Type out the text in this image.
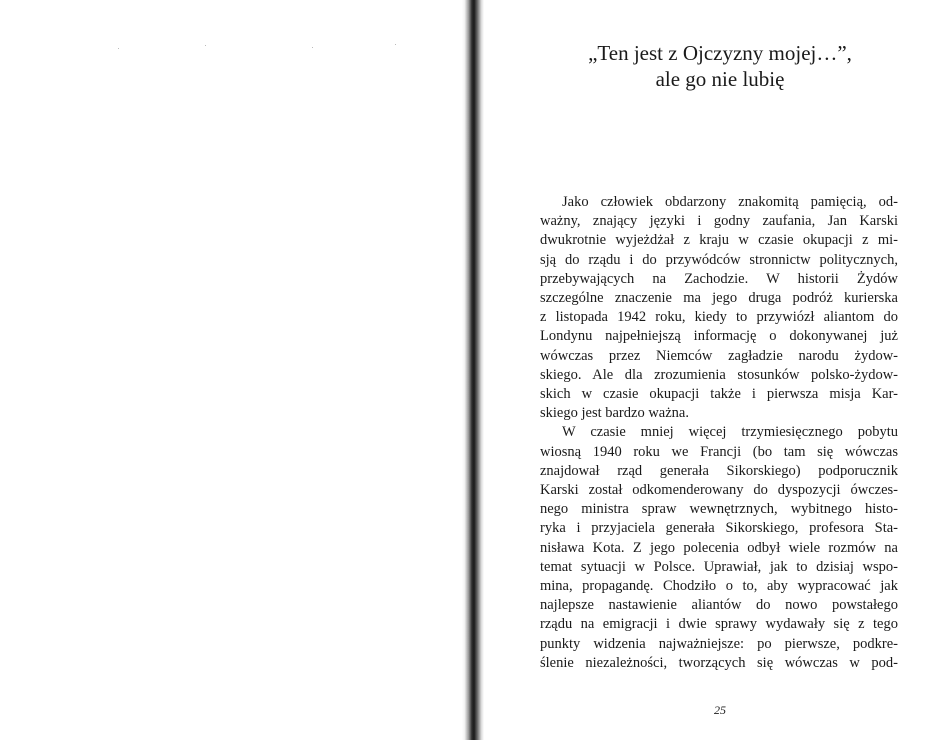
„Ten jest z Ojczyzny mojej…”,
ale go nie lubię

Jako człowiek obdarzony znakomitą pamięcią, od-
ważny, znający języki i godny zaufania, Jan Karski
dwukrotnie wyjeżdżał z kraju w czasie okupacji z mi-
sją do rządu i do przywódców stronnictw politycznych,
przebywających na Zachodzie. W historii Żydów
szczególne znaczenie ma jego druga podróż kurierska
z listopada 1942 roku, kiedy to przywiózł aliantom do
Londynu najpełniejszą informację o dokonywanej już
wówczas przez Niemców zagładzie narodu żydow-
skiego. Ale dla zrozumienia stosunków polsko-żydow-
skich w czasie okupacji także i pierwsza misja Kar-
skiego jest bardzo ważna.

W czasie mniej więcej trzymiesięcznego pobytu
wiosną 1940 roku we Francji (bo tam się wówczas
znajdował rząd generała Sikorskiego) podporucznik
Karski został odkomenderowany do dyspozycji ówczes-
nego ministra spraw wewnętrznych, wybitnego histo-
ryka i przyjaciela generała Sikorskiego, profesora Sta-
nisława Kota. Z jego polecenia odbył wiele rozmów na
temat sytuacji w Polsce. Uprawiał, jak to dzisiaj wspo-
mina, propagandę. Chodziło o to, aby wypracować jak
najlepsze nastawienie aliantów do nowo powstałego
rządu na emigracji i dwie sprawy wydawały się z tego
punkty widzenia najważniejsze: po pierwsze, podkre-
ślenie niezależności, tworzących się wówczas w pod-

25
